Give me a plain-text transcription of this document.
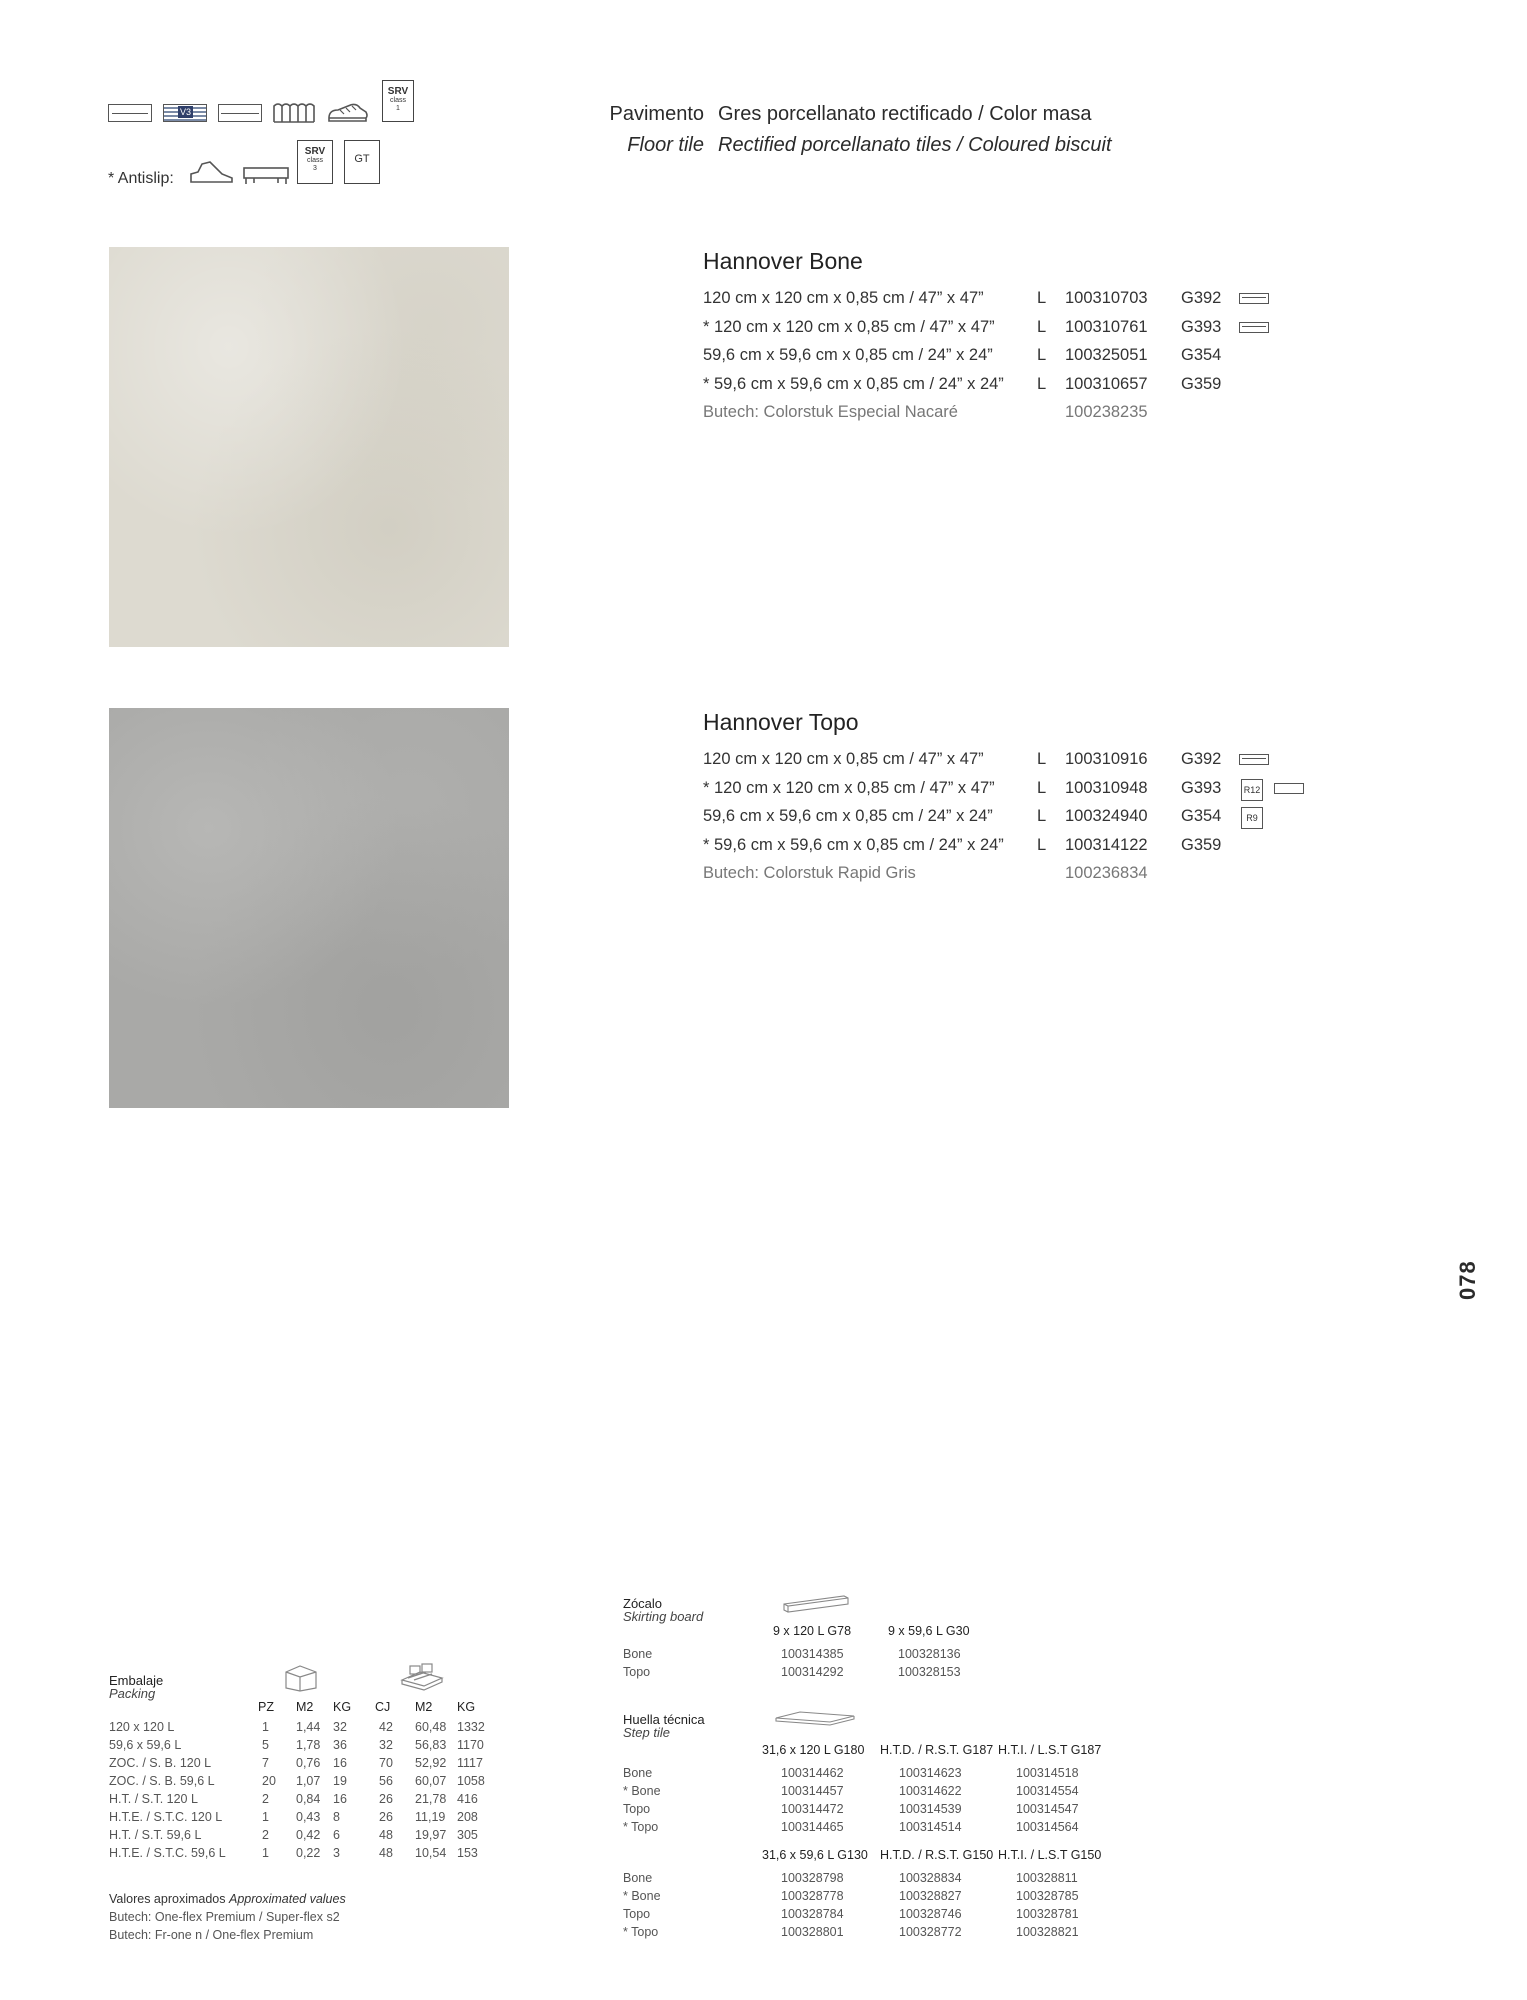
V3
SRV
class
1
* Antislip:
SRV
class
3
GT
Pavimento Gres porcellanato rectificado / Color masa
Floor tile Rectified porcellanato tiles / Coloured biscuit
Hannover Bone
120 cm x 120 cm x 0,85 cm / 47” x 47”	L 100310703 G392
* 120 cm x 120 cm x 0,85 cm / 47” x 47”	L 100310761 G393
59,6 cm x 59,6 cm x 0,85 cm / 24” x 24”	L 100325051 G354
* 59,6 cm x 59,6 cm x 0,85 cm / 24” x 24” L 100310657 G359
Butech: Colorstuk Especial Nacaré	100238235
Hannover Topo
120 cm x 120 cm x 0,85 cm / 47” x 47”	L 100310916 G392
* 120 cm x 120 cm x 0,85 cm / 47” x 47”	L 100310948 G393
59,6 cm x 59,6 cm x 0,85 cm / 24” x 24”	L 100324940 G354
* 59,6 cm x 59,6 cm x 0,85 cm / 24” x 24” L 100314122 G359
Butech: Colorstuk Rapid Gris	100236834
R12
R9
078
Embalaje
Packing
PZ M2 KG CJ M2 KG
120 x 120 L	1 1,44 32	42 60,48 1332
59,6 x 59,6 L	5 1,78 36	32 56,83 1170
ZOC. / S. B. 120 L	7 0,76 16	70 52,92 1117
ZOC. / S. B. 59,6 L	20 1,07 19	56 60,07 1058
H.T. / S.T. 120 L	2 0,84 16	26 21,78 416
H.T.E. / S.T.C. 120 L	1 0,43 8	26 11,19 208
H.T. / S.T. 59,6 L	2 0,42 6	48 19,97 305
H.T.E. / S.T.C. 59,6 L	1 0,22 3	48 10,54 153
Valores aproximados Approximated values
Butech: One-flex Premium / Super-flex s2
Butech: Fr-one n / One-flex Premium
Zócalo
Skirting board
9 x 120 L G78	9 x 59,6 L G30
Bone	100314385	100328136
Topo	100314292	100328153
Huella técnica
Step tile
31,6 x 120 L G180 H.T.D. / R.S.T. G187 H.T.I. / L.S.T G187
Bone	100314462	100314623	100314518
* Bone	100314457	100314622	100314554
Topo	100314472	100314539	100314547
* Topo	100314465	100314514	100314564
31,6 x 59,6 L G130 H.T.D. / R.S.T. G150 H.T.I. / L.S.T G150
Bone	100328798	100328834	100328811
* Bone	100328778	100328827	100328785
Topo	100328784	100328746	100328781
* Topo	100328801	100328772	100328821
